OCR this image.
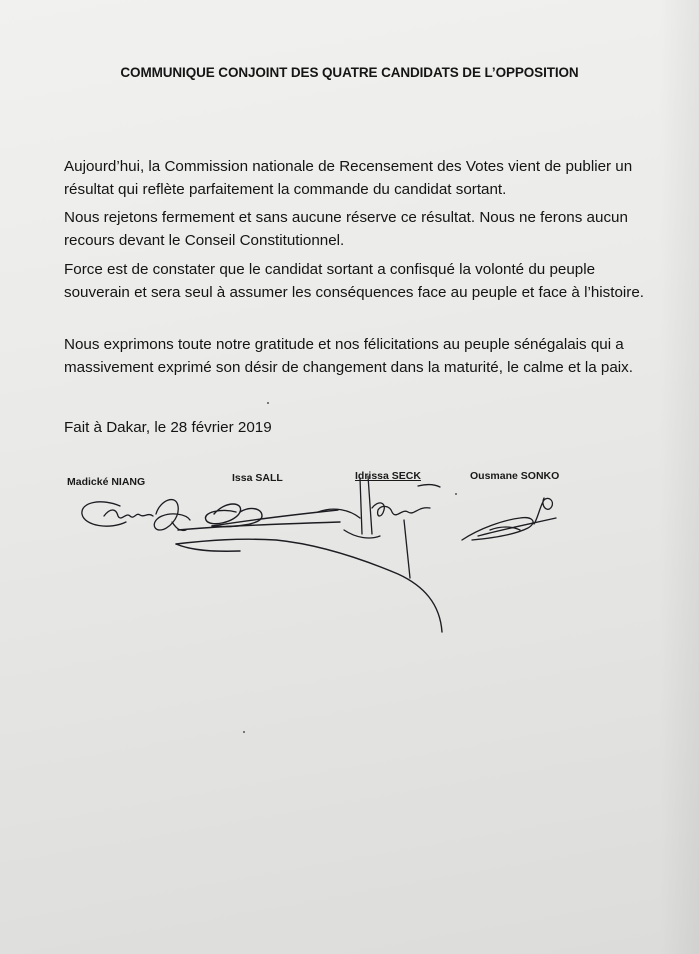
COMMUNIQUE CONJOINT DES QUATRE CANDIDATS DE L’OPPOSITION
Aujourd’hui, la Commission nationale de Recensement des Votes vient de publier un résultat qui reflète parfaitement la commande du candidat sortant.
Nous rejetons fermement et sans aucune réserve ce résultat. Nous ne ferons aucun recours devant le Conseil Constitutionnel.
Force est de constater que le candidat sortant a confisqué la volonté du peuple souverain et sera seul à assumer les conséquences face au peuple et face à l’histoire.
Nous exprimons toute notre gratitude et nos félicitations au peuple sénégalais qui a massivement exprimé son désir de changement dans la maturité, le calme et la paix.
Fait à Dakar, le 28 février 2019
Madické NIANG	Issa SALL	Idrissa SECK	Ousmane SONKO
